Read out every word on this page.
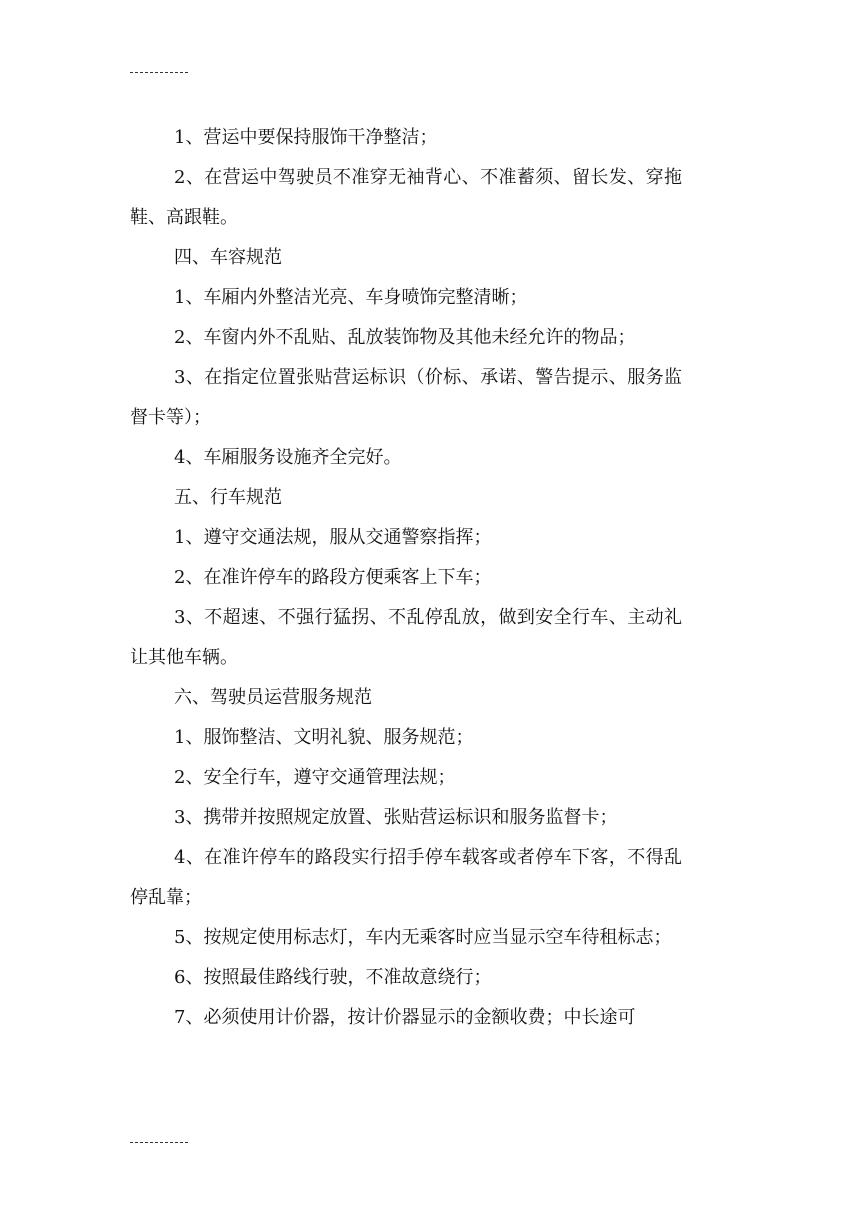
1、营运中要保持服饰干净整洁；

2、在营运中驾驶员不准穿无袖背心、不准蓄须、留长发、穿拖鞋、高跟鞋。

四、车容规范

1、车厢内外整洁光亮、车身喷饰完整清晰；

2、车窗内外不乱贴、乱放装饰物及其他未经允许的物品；

3、在指定位置张贴营运标识（价标、承诺、警告提示、服务监督卡等）；

4、车厢服务设施齐全完好。

五、行车规范

1、遵守交通法规，服从交通警察指挥；

2、在准许停车的路段方便乘客上下车；

3、不超速、不强行猛拐、不乱停乱放，做到安全行车、主动礼让其他车辆。

六、驾驶员运营服务规范

1、服饰整洁、文明礼貌、服务规范；

2、安全行车，遵守交通管理法规；

3、携带并按照规定放置、张贴营运标识和服务监督卡；

4、在准许停车的路段实行招手停车载客或者停车下客，不得乱停乱靠；

5、按规定使用标志灯，车内无乘客时应当显示空车待租标志；

6、按照最佳路线行驶，不准故意绕行；

7、必须使用计价器，按计价器显示的金额收费；中长途可
